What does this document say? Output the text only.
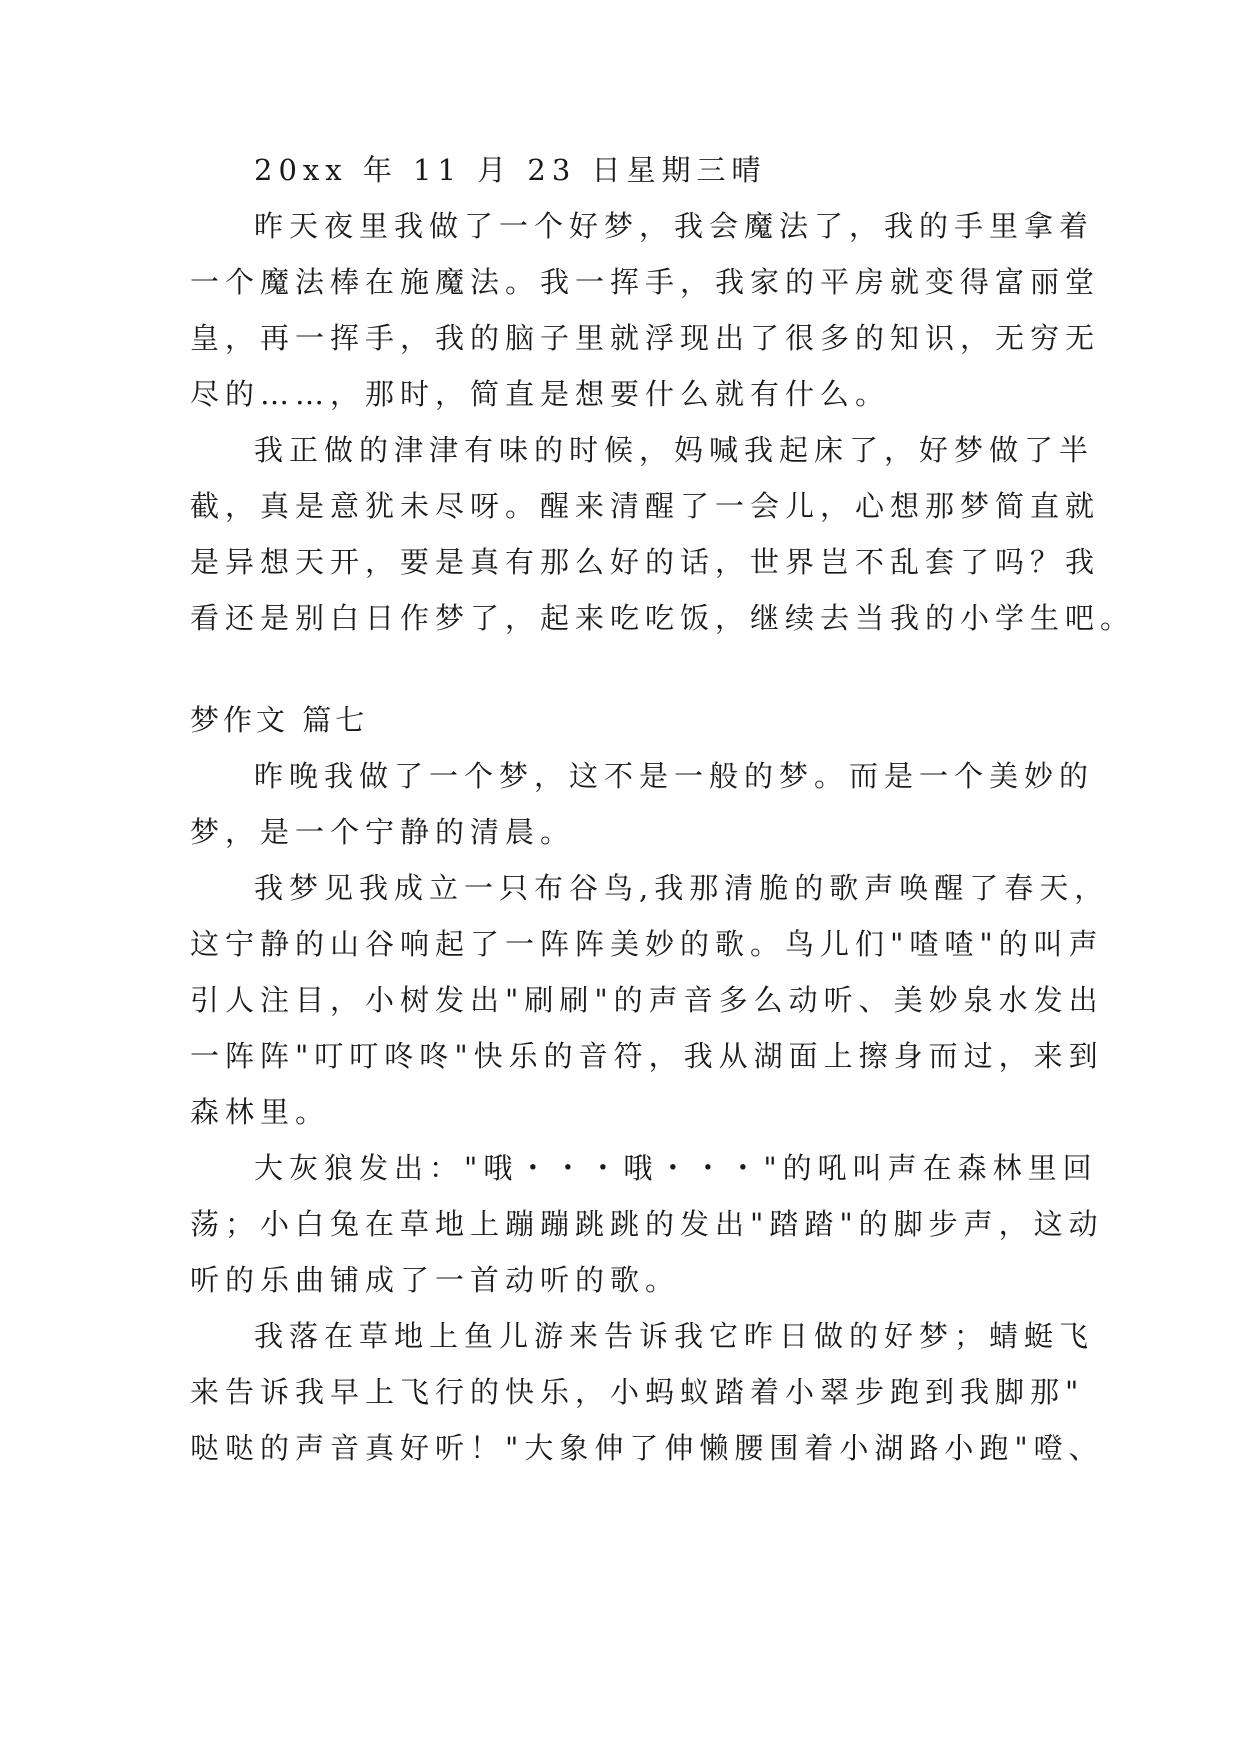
20xx 年 11 月 23 日星期三晴
昨天夜里我做了一个好梦，我会魔法了，我的手里拿着
一个魔法棒在施魔法。我一挥手，我家的平房就变得富丽堂
皇，再一挥手，我的脑子里就浮现出了很多的知识，无穷无
尽的……，那时，简直是想要什么就有什么。
我正做的津津有味的时候，妈喊我起床了，好梦做了半
截，真是意犹未尽呀。醒来清醒了一会儿，心想那梦简直就
是异想天开，要是真有那么好的话，世界岂不乱套了吗？我
看还是别白日作梦了，起来吃吃饭，继续去当我的小学生吧。
梦作文 篇七
昨晚我做了一个梦，这不是一般的梦。而是一个美妙的
梦，是一个宁静的清晨。
我梦见我成立一只布谷鸟,我那清脆的歌声唤醒了春天，
这宁静的山谷响起了一阵阵美妙的歌。鸟儿们"喳喳"的叫声
引人注目，小树发出"刷刷"的声音多么动听、美妙泉水发出
一阵阵"叮叮咚咚"快乐的音符，我从湖面上擦身而过，来到
森林里。
大灰狼发出："哦・・・哦・・・"的吼叫声在森林里回
荡；小白兔在草地上蹦蹦跳跳的发出"踏踏"的脚步声，这动
听的乐曲铺成了一首动听的歌。
我落在草地上鱼儿游来告诉我它昨日做的好梦；蜻蜓飞
来告诉我早上飞行的快乐，小蚂蚁踏着小翠步跑到我脚那"
哒哒的声音真好听！"大象伸了伸懒腰围着小湖路小跑"噔、
